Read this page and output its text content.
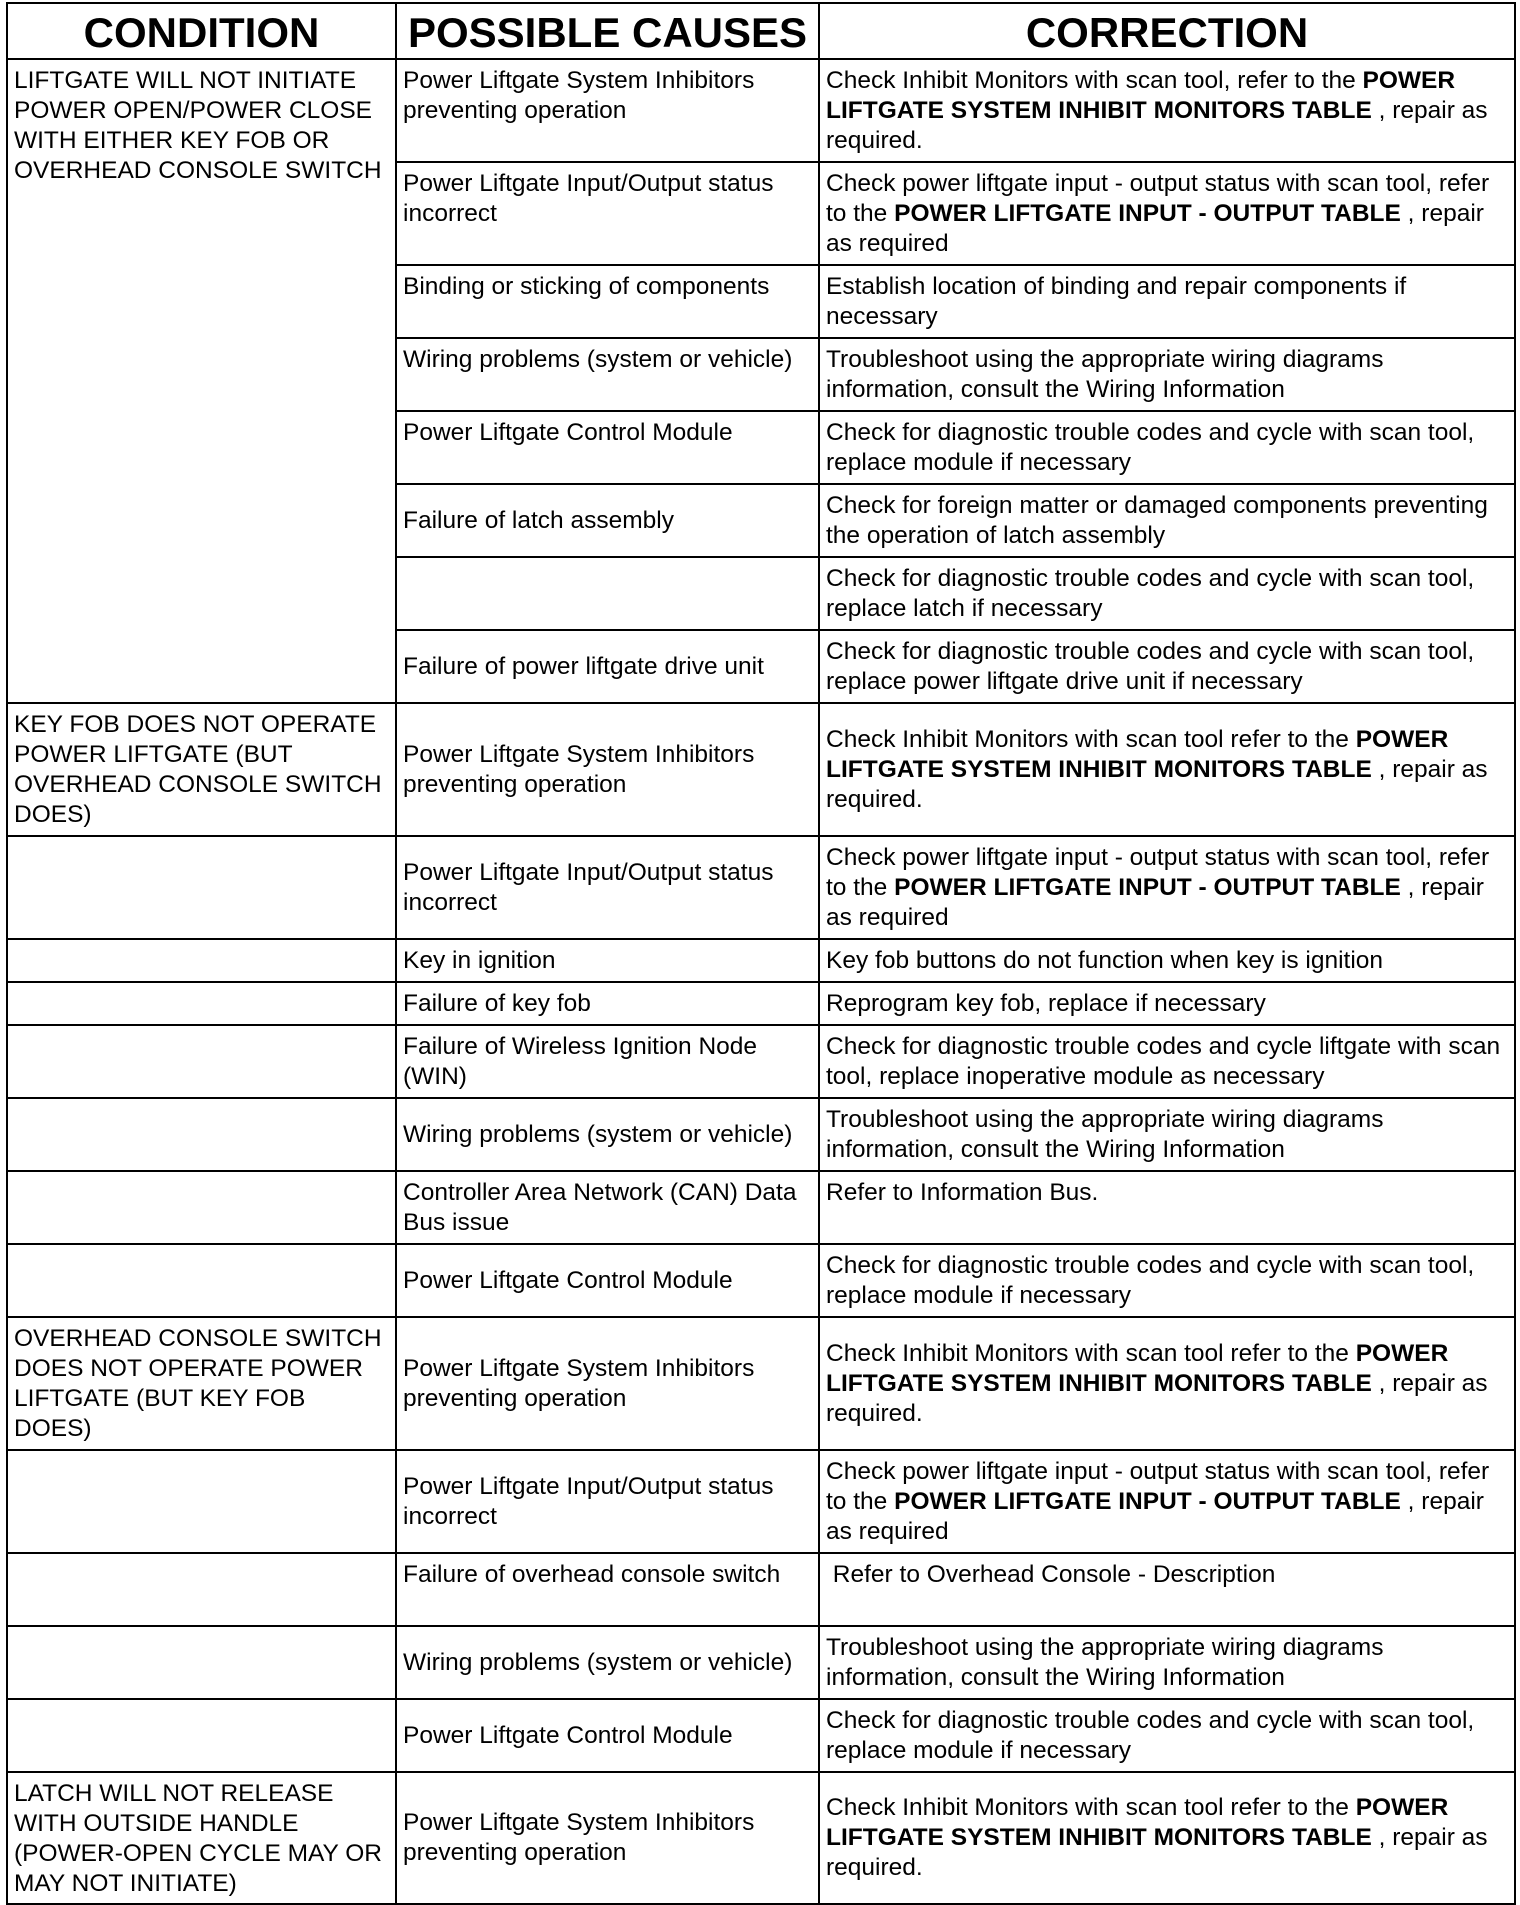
CONDITION	POSSIBLE CAUSES	CORRECTION

LIFTGATE WILL NOT INITIATE POWER OPEN/POWER CLOSE WITH EITHER KEY FOB OR OVERHEAD CONSOLE SWITCH	Power Liftgate System Inhibitors preventing operation	Check Inhibit Monitors with scan tool, refer to the POWER LIFTGATE SYSTEM INHIBIT MONITORS TABLE , repair as required.

	Power Liftgate Input/Output status incorrect	Check power liftgate input - output status with scan tool, refer to the POWER LIFTGATE INPUT - OUTPUT TABLE , repair as required

	Binding or sticking of components	Establish location of binding and repair components if necessary

	Wiring problems (system or vehicle)	Troubleshoot using the appropriate wiring diagrams information, consult the Wiring Information

	Power Liftgate Control Module	Check for diagnostic trouble codes and cycle with scan tool, replace module if necessary

	Failure of latch assembly	Check for foreign matter or damaged components preventing the operation of latch assembly

		Check for diagnostic trouble codes and cycle with scan tool, replace latch if necessary

	Failure of power liftgate drive unit	Check for diagnostic trouble codes and cycle with scan tool, replace power liftgate drive unit if necessary

KEY FOB DOES NOT OPERATE POWER LIFTGATE (BUT OVERHEAD CONSOLE SWITCH DOES)	Power Liftgate System Inhibitors preventing operation	Check Inhibit Monitors with scan tool refer to the POWER LIFTGATE SYSTEM INHIBIT MONITORS TABLE , repair as required.

	Power Liftgate Input/Output status incorrect	Check power liftgate input - output status with scan tool, refer to the POWER LIFTGATE INPUT - OUTPUT TABLE , repair as required

	Key in ignition	Key fob buttons do not function when key is ignition

	Failure of key fob	Reprogram key fob, replace if necessary

	Failure of Wireless Ignition Node (WIN)	Check for diagnostic trouble codes and cycle liftgate with scan tool, replace inoperative module as necessary

	Wiring problems (system or vehicle)	Troubleshoot using the appropriate wiring diagrams information, consult the Wiring Information

	Controller Area Network (CAN) Data Bus issue	Refer to Information Bus.

	Power Liftgate Control Module	Check for diagnostic trouble codes and cycle with scan tool, replace module if necessary

OVERHEAD CONSOLE SWITCH DOES NOT OPERATE POWER LIFTGATE (BUT KEY FOB DOES)	Power Liftgate System Inhibitors preventing operation	Check Inhibit Monitors with scan tool refer to the POWER LIFTGATE SYSTEM INHIBIT MONITORS TABLE , repair as required.

	Power Liftgate Input/Output status incorrect	Check power liftgate input - output status with scan tool, refer to the POWER LIFTGATE INPUT - OUTPUT TABLE , repair as required

	Failure of overhead console switch	Refer to Overhead Console - Description

	Wiring problems (system or vehicle)	Troubleshoot using the appropriate wiring diagrams information, consult the Wiring Information

	Power Liftgate Control Module	Check for diagnostic trouble codes and cycle with scan tool, replace module if necessary

LATCH WILL NOT RELEASE WITH OUTSIDE HANDLE (POWER-OPEN CYCLE MAY OR MAY NOT INITIATE)	Power Liftgate System Inhibitors preventing operation	Check Inhibit Monitors with scan tool refer to the POWER LIFTGATE SYSTEM INHIBIT MONITORS TABLE , repair as required.
